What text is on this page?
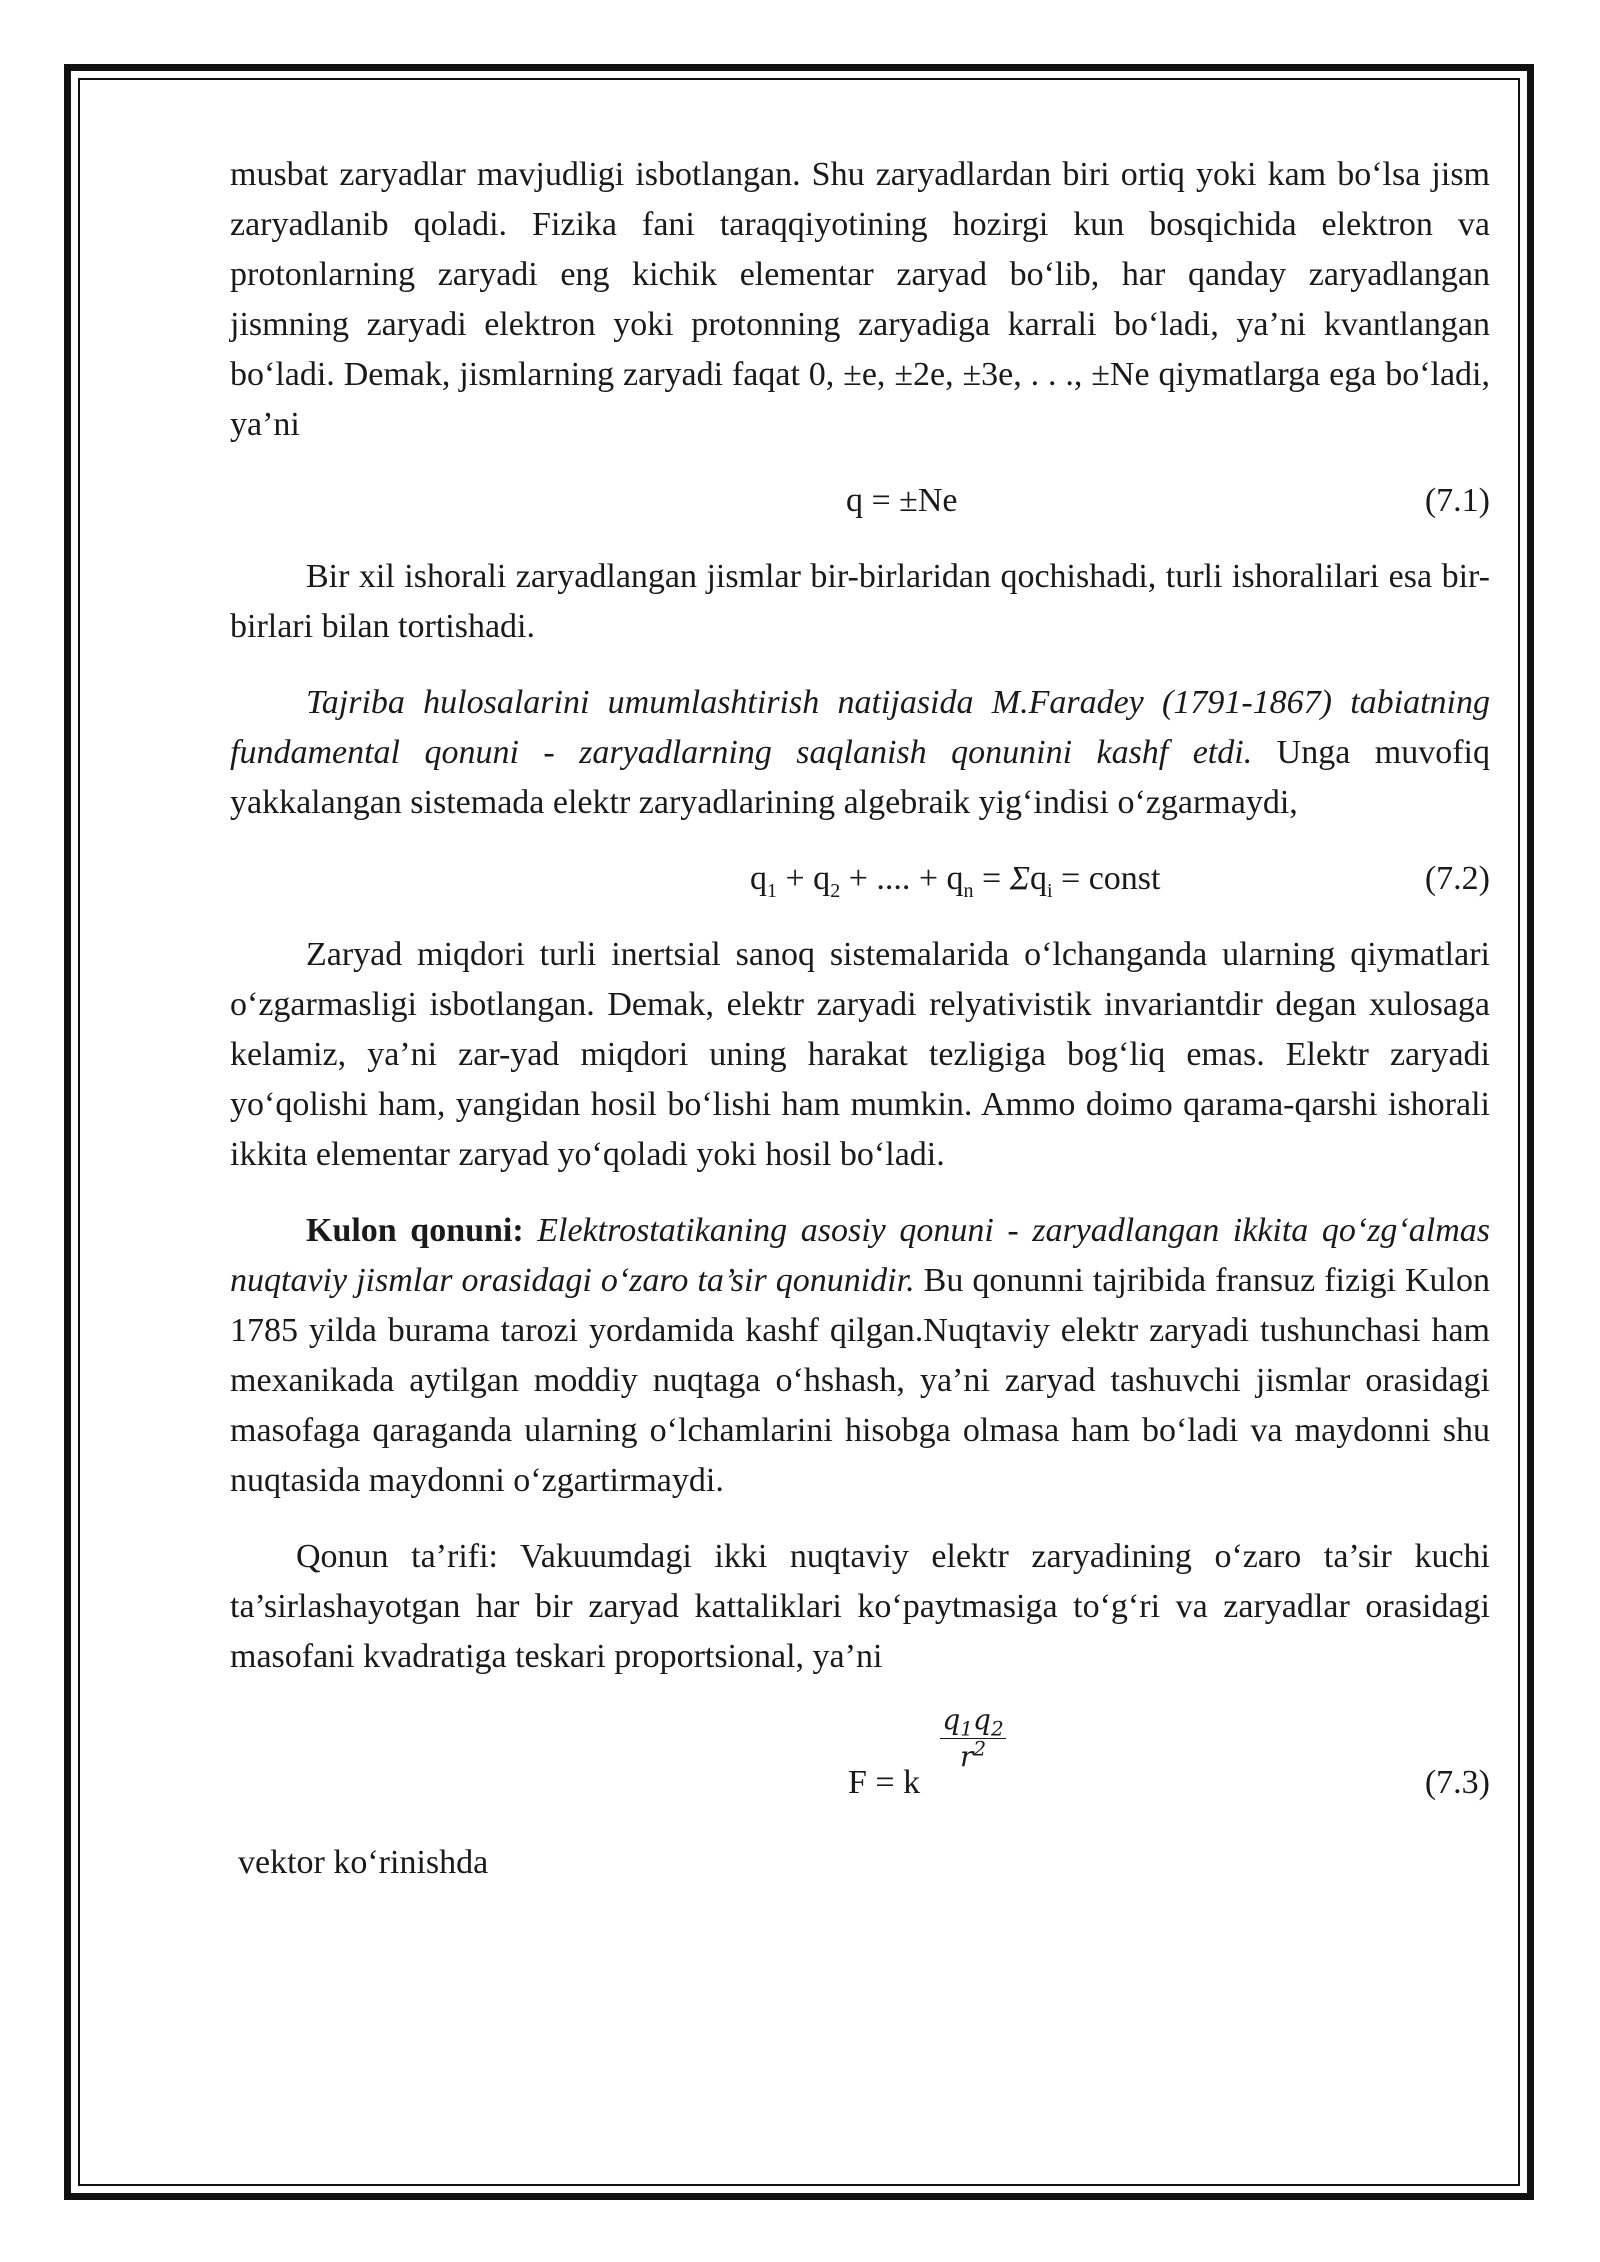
musbat zaryadlar mavjudligi isbotlangan. Shu zaryadlardan biri ortiq yoki kam bo‘lsa jism zaryadlanib qoladi. Fizika fani taraqqiyotining hozirgi kun bosqichida elektron va protonlarning zaryadi eng kichik elementar zaryad bo‘lib, har qanday zaryadlangan jismning zaryadi elektron yoki protonning zaryadiga karrali bo‘ladi, ya’ni kvantlangan bo‘ladi. Demak, jismlarning zaryadi faqat 0, ±e, ±2e, ±3e, . . ., ±Ne qiymatlarga ega bo‘ladi, ya’ni

q = ±Ne	(7.1)

Bir xil ishorali zaryadlangan jismlar bir-birlaridan qochishadi, turli ishoralilari esa bir-birlari bilan tortishadi.

Tajriba hulosalarini umumlashtirish natijasida M.Faradey (1791-1867) tabiatning fundamental qonuni - zaryadlarning saqlanish qonunini kashf etdi. Unga muvofiq yakkalangan sistemada elektr zaryadlarining algebraik yig‘indisi o‘zgarmaydi,

$q_1 + q_2$ + .... + $q_n = \Sigma q_i$ = const	(7.2)

Zaryad miqdori turli inertsial sanoq sistemalarida o‘lchanganda ularning qiymatlari o‘zgarmasligi isbotlangan. Demak, elektr zaryadi relyativistik invariantdir degan xulosaga kelamiz, ya’ni zar-yad miqdori uning harakat tezligiga bog‘liq emas. Elektr zaryadi yo‘qolishi ham, yangidan hosil bo‘lishi ham mumkin. Ammo doimo qarama-qarshi ishorali ikkita elementar zaryad yo‘qoladi yoki hosil bo‘ladi.

Kulon qonuni: Elektrostatikaning asosiy qonuni - zaryadlangan ikkita qo‘zg‘almas nuqtaviy jismlar orasidagi o‘zaro ta’sir qonunidir. Bu qonunni tajribida fransuz fizigi Kulon 1785 yilda burama tarozi yordamida kashf qilgan.Nuqtaviy elektr zaryadi tushunchasi ham mexanikada aytilgan moddiy nuqtaga o‘hshash, ya’ni zaryad tashuvchi jismlar orasidagi masofaga qaraganda ularning o‘lchamlarini hisobga olmasa ham bo‘ladi va maydonni shu nuqtasida maydonni o‘zgartirmaydi.

Qonun ta’rifi: Vakuumdagi ikki nuqtaviy elektr zaryadining o‘zaro ta’sir kuchi ta’sirlashayotgan har bir zaryad kattaliklari ko‘paytmasiga to‘g‘ri va zaryadlar orasidagi masofani kvadratiga teskari proportsional, ya’ni

F = k
$q_1q_2$
$r^2$
(7.3)

vektor ko‘rinishda
